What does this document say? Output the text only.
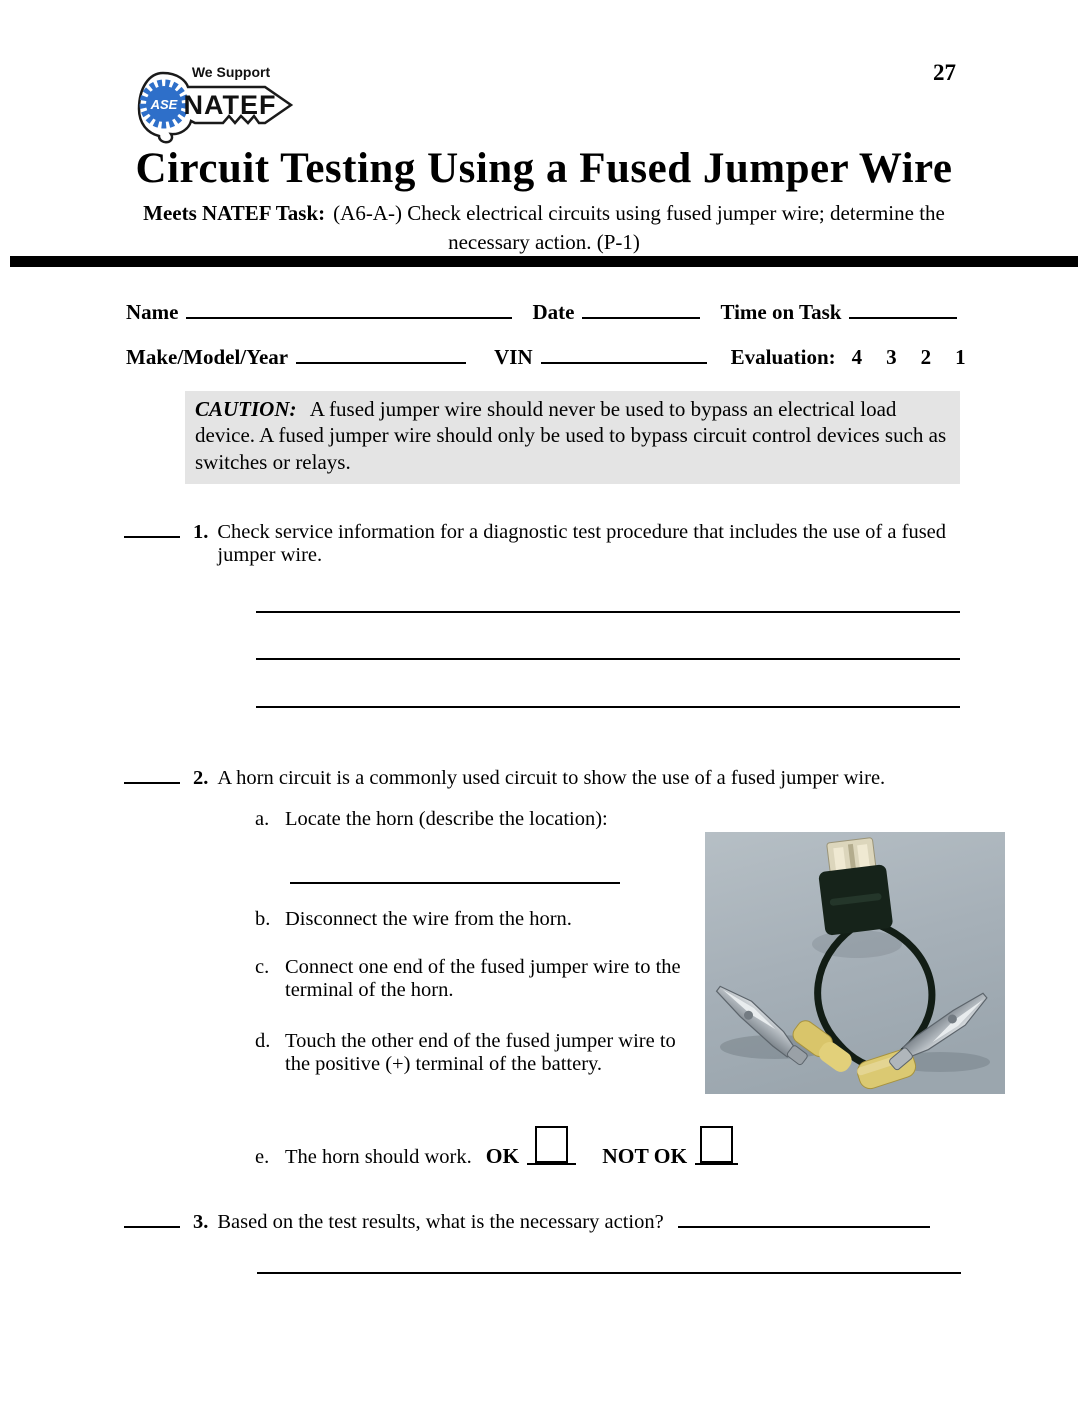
ASE
We Support
NATEF
27
Circuit Testing Using a Fused Jumper Wire
Meets NATEF Task: (A6-A-) Check electrical circuits using fused jumper wire; determine the
necessary action. (P-1)
Name	Date	Time on Task
Make/Model/Year	VIN	Evaluation: 4 3 2 1
CAUTION: A fused jumper wire should never be used to bypass an electrical load device. A fused jumper wire should only be used to bypass circuit control devices such as switches or relays.
1. Check service information for a diagnostic test procedure that includes the use of a fused jumper wire.
2. A horn circuit is a commonly used circuit to show the use of a fused jumper wire.
a. Locate the horn (describe the location):
b. Disconnect the wire from the horn.
c. Connect one end of the fused jumper wire to the terminal of the horn.
d. Touch the other end of the fused jumper wire to the positive (+) terminal of the battery.
e. The horn should work. OK	NOT OK
3. Based on the test results, what is the necessary action?
